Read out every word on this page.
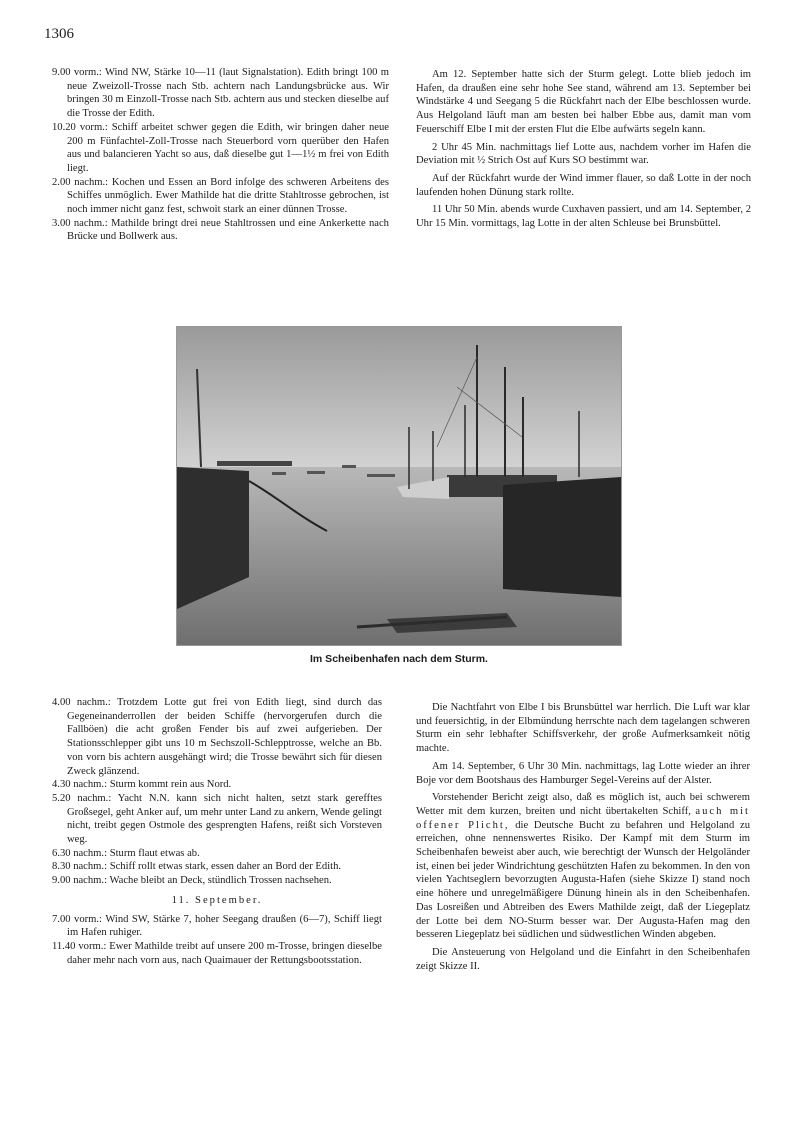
1306
9.00 vorm.: Wind NW, Stärke 10—11 (laut Signalstation). Edith bringt 100 m neue Zweizoll-Trosse nach Stb. achtern nach Landungsbrücke aus. Wir bringen 30 m Einzoll-Trosse nach Stb. achtern aus und stecken dieselbe auf die Trosse der Edith.
10.20 vorm.: Schiff arbeitet schwer gegen die Edith, wir bringen daher neue 200 m Fünfachtel-Zoll-Trosse nach Steuerbord vorn querüber den Hafen aus und balancieren Yacht so aus, daß dieselbe gut 1—1½ m frei von Edith liegt.
2.00 nachm.: Kochen und Essen an Bord infolge des schweren Arbeitens des Schiffes unmöglich. Ewer Mathilde hat die dritte Stahltrosse gebrochen, ist noch immer nicht ganz fest, schwoit stark an einer dünnen Trosse.
3.00 nachm.: Mathilde bringt drei neue Stahltrossen und eine Ankerkette nach Brücke und Bollwerk aus.

Am 12. September hatte sich der Sturm gelegt. Lotte blieb jedoch im Hafen, da draußen eine sehr hohe See stand, während am 13. September bei Windstärke 4 und Seegang 5 die Rückfahrt nach der Elbe beschlossen wurde. Aus Helgoland läuft man am besten bei halber Ebbe aus, damit man vom Feuerschiff Elbe I mit der ersten Flut die Elbe aufwärts segeln kann.

2 Uhr 45 Min. nachmittags lief Lotte aus, nachdem vorher im Hafen die Deviation mit ½ Strich Ost auf Kurs SO bestimmt war.

Auf der Rückfahrt wurde der Wind immer flauer, so daß Lotte in der noch laufenden hohen Dünung stark rollte.

11 Uhr 50 Min. abends wurde Cuxhaven passiert, und am 14. September, 2 Uhr 15 Min. vormittags, lag Lotte in der alten Schleuse bei Brunsbüttel.

Im Scheibenhafen nach dem Sturm.
4.00 nachm.: Trotzdem Lotte gut frei von Edith liegt, sind durch das Gegeneinanderrollen der beiden Schiffe (hervorgerufen durch die Fallböen) die acht großen Fender bis auf zwei aufgerieben. Der Stationsschlepper gibt uns 10 m Sechszoll-Schlepptrosse, welche an Bb. von vorn bis achtern ausgehängt wird; die Trosse bewährt sich für diesen Zweck glänzend.
4.30 nachm.: Sturm kommt rein aus Nord.
5.20 nachm.: Yacht N.N. kann sich nicht halten, setzt stark gerefftes Großsegel, geht Anker auf, um mehr unter Land zu ankern, Wende gelingt nicht, treibt gegen Ostmole des gesprengten Hafens, reißt sich Vorsteven weg.
6.30 nachm.: Sturm flaut etwas ab.
8.30 nachm.: Schiff rollt etwas stark, essen daher an Bord der Edith.
9.00 nachm.: Wache bleibt an Deck, stündlich Trossen nachsehen.
11. September.
7.00 vorm.: Wind SW, Stärke 7, hoher Seegang draußen (6—7), Schiff liegt im Hafen ruhiger.
11.40 vorm.: Ewer Mathilde treibt auf unsere 200 m-Trosse, bringen dieselbe daher mehr nach vorn aus, nach Quaimauer der Rettungsbootsstation.

Die Nachtfahrt von Elbe I bis Brunsbüttel war herrlich. Die Luft war klar und feuersichtig, in der Elbmündung herrschte nach dem tagelangen schweren Sturm ein sehr lebhafter Schiffsverkehr, der große Aufmerksamkeit nötig machte.

Am 14. September, 6 Uhr 30 Min. nachmittags, lag Lotte wieder an ihrer Boje vor dem Bootshaus des Hamburger Segel-Vereins auf der Alster.

Vorstehender Bericht zeigt also, daß es möglich ist, auch bei schwerem Wetter mit dem kurzen, breiten und nicht übertakelten Schiff, auch mit offener Plicht, die Deutsche Bucht zu befahren und Helgoland zu erreichen, ohne nennenswertes Risiko. Der Kampf mit dem Sturm im Scheibenhafen beweist aber auch, wie berechtigt der Wunsch der Helgoländer ist, einen bei jeder Windrichtung geschützten Hafen zu bekommen. In den von vielen Yachtseglern bevorzugten Augusta-Hafen (siehe Skizze I) stand noch eine höhere und unregelmäßigere Dünung hinein als in den Scheibenhafen. Das Losreißen und Abtreiben des Ewers Mathilde zeigt, daß der Liegeplatz der Lotte bei dem NO-Sturm besser war. Der Augusta-Hafen mag den besseren Liegeplatz bei südlichen und südwestlichen Winden abgeben.

Die Ansteuerung von Helgoland und die Einfahrt in den Scheibenhafen zeigt Skizze II.
